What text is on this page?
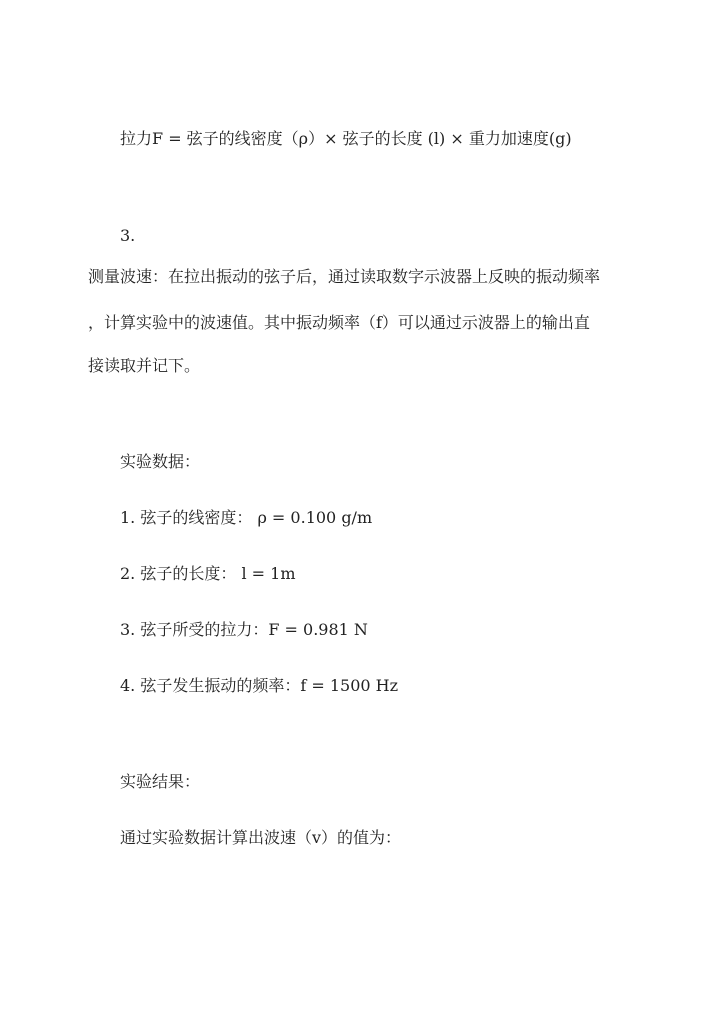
拉力F = 弦子的线密度（ρ）× 弦子的长度 (l) × 重力加速度(g)
3.
测量波速：在拉出振动的弦子后，通过读取数字示波器上反映的振动频率
，计算实验中的波速值。其中振动频率（f）可以通过示波器上的输出直
接读取并记下。
实验数据：
1. 弦子的线密度： ρ = 0.100 g/m
2. 弦子的长度： l = 1m
3. 弦子所受的拉力：F = 0.981 N
4. 弦子发生振动的频率：f = 1500 Hz
实验结果：
通过实验数据计算出波速（v）的值为：
